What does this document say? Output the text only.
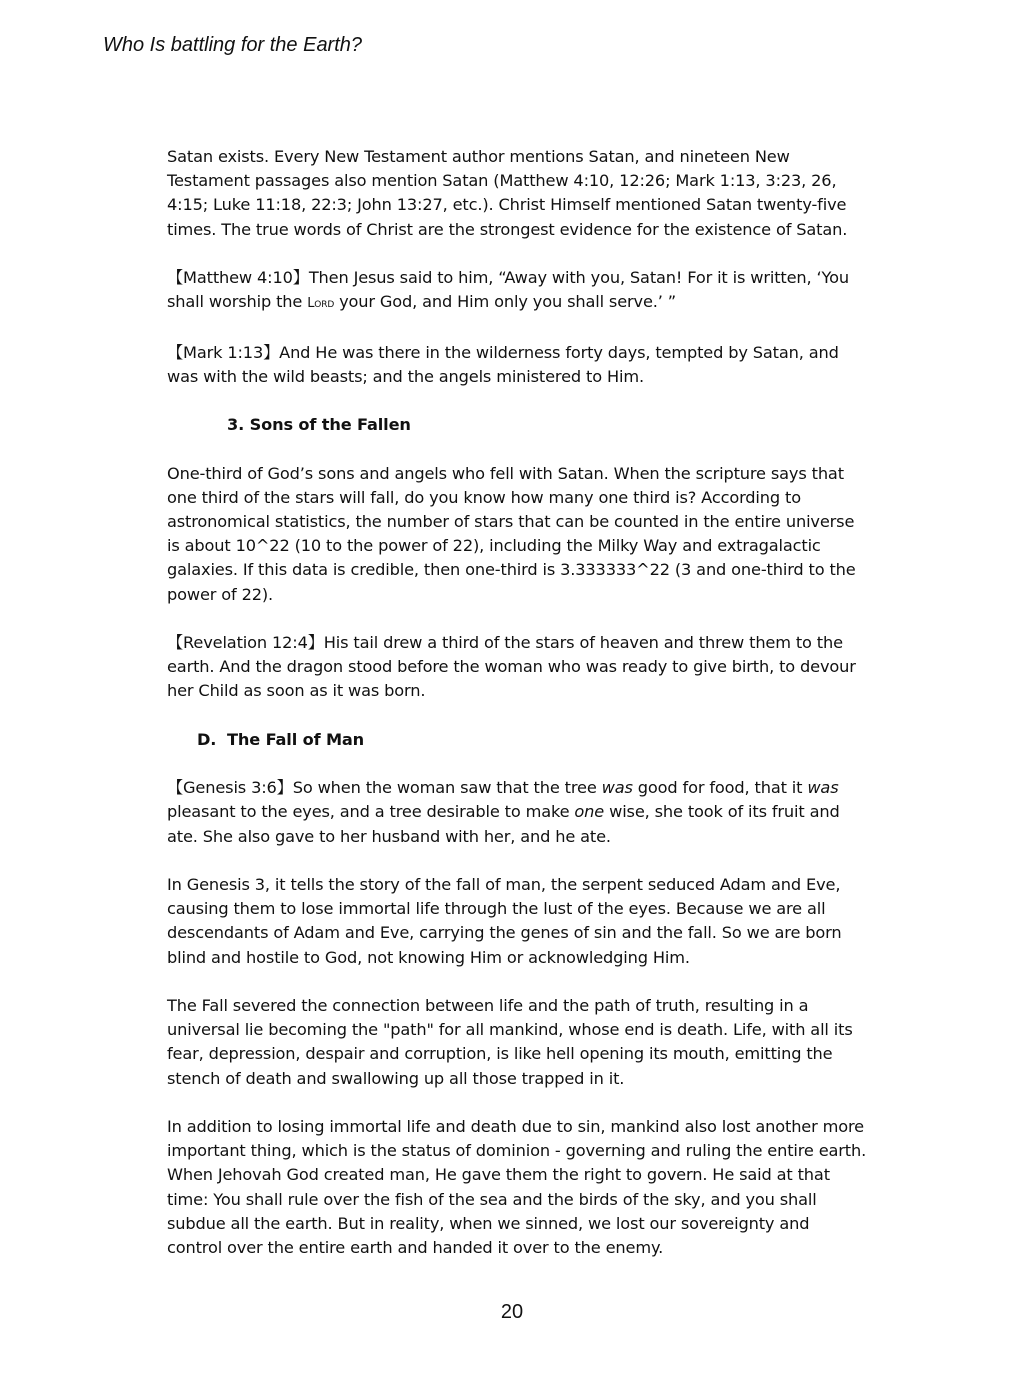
Who Is battling for the Earth?

Satan exists. Every New Testament author mentions Satan, and nineteen New Testament passages also mention Satan (Matthew 4:10, 12:26; Mark 1:13, 3:23, 26, 4:15; Luke 11:18, 22:3; John 13:27, etc.). Christ Himself mentioned Satan twenty-five times. The true words of Christ are the strongest evidence for the existence of Satan.

【Matthew 4:10】Then Jesus said to him, “Away with you, Satan! For it is written, ‘You shall worship the Lord your God, and Him only you shall serve.’ ”

【Mark 1:13】And He was there in the wilderness forty days, tempted by Satan, and was with the wild beasts; and the angels ministered to Him.

3. Sons of the Fallen

One-third of God’s sons and angels who fell with Satan. When the scripture says that one third of the stars will fall, do you know how many one third is? According to astronomical statistics, the number of stars that can be counted in the entire universe is about 10^22 (10 to the power of 22), including the Milky Way and extragalactic galaxies. If this data is credible, then one-third is 3.333333^22 (3 and one-third to the power of 22).

【Revelation 12:4】His tail drew a third of the stars of heaven and threw them to the earth. And the dragon stood before the woman who was ready to give birth, to devour her Child as soon as it was born.

D. The Fall of Man

【Genesis 3:6】So when the woman saw that the tree was good for food, that it was pleasant to the eyes, and a tree desirable to make one wise, she took of its fruit and ate. She also gave to her husband with her, and he ate.

In Genesis 3, it tells the story of the fall of man, the serpent seduced Adam and Eve, causing them to lose immortal life through the lust of the eyes. Because we are all descendants of Adam and Eve, carrying the genes of sin and the fall. So we are born blind and hostile to God, not knowing Him or acknowledging Him.

The Fall severed the connection between life and the path of truth, resulting in a universal lie becoming the "path" for all mankind, whose end is death. Life, with all its fear, depression, despair and corruption, is like hell opening its mouth, emitting the stench of death and swallowing up all those trapped in it.

In addition to losing immortal life and death due to sin, mankind also lost another more important thing, which is the status of dominion - governing and ruling the entire earth. When Jehovah God created man, He gave them the right to govern. He said at that time: You shall rule over the fish of the sea and the birds of the sky, and you shall subdue all the earth. But in reality, when we sinned, we lost our sovereignty and control over the entire earth and handed it over to the enemy.

20
